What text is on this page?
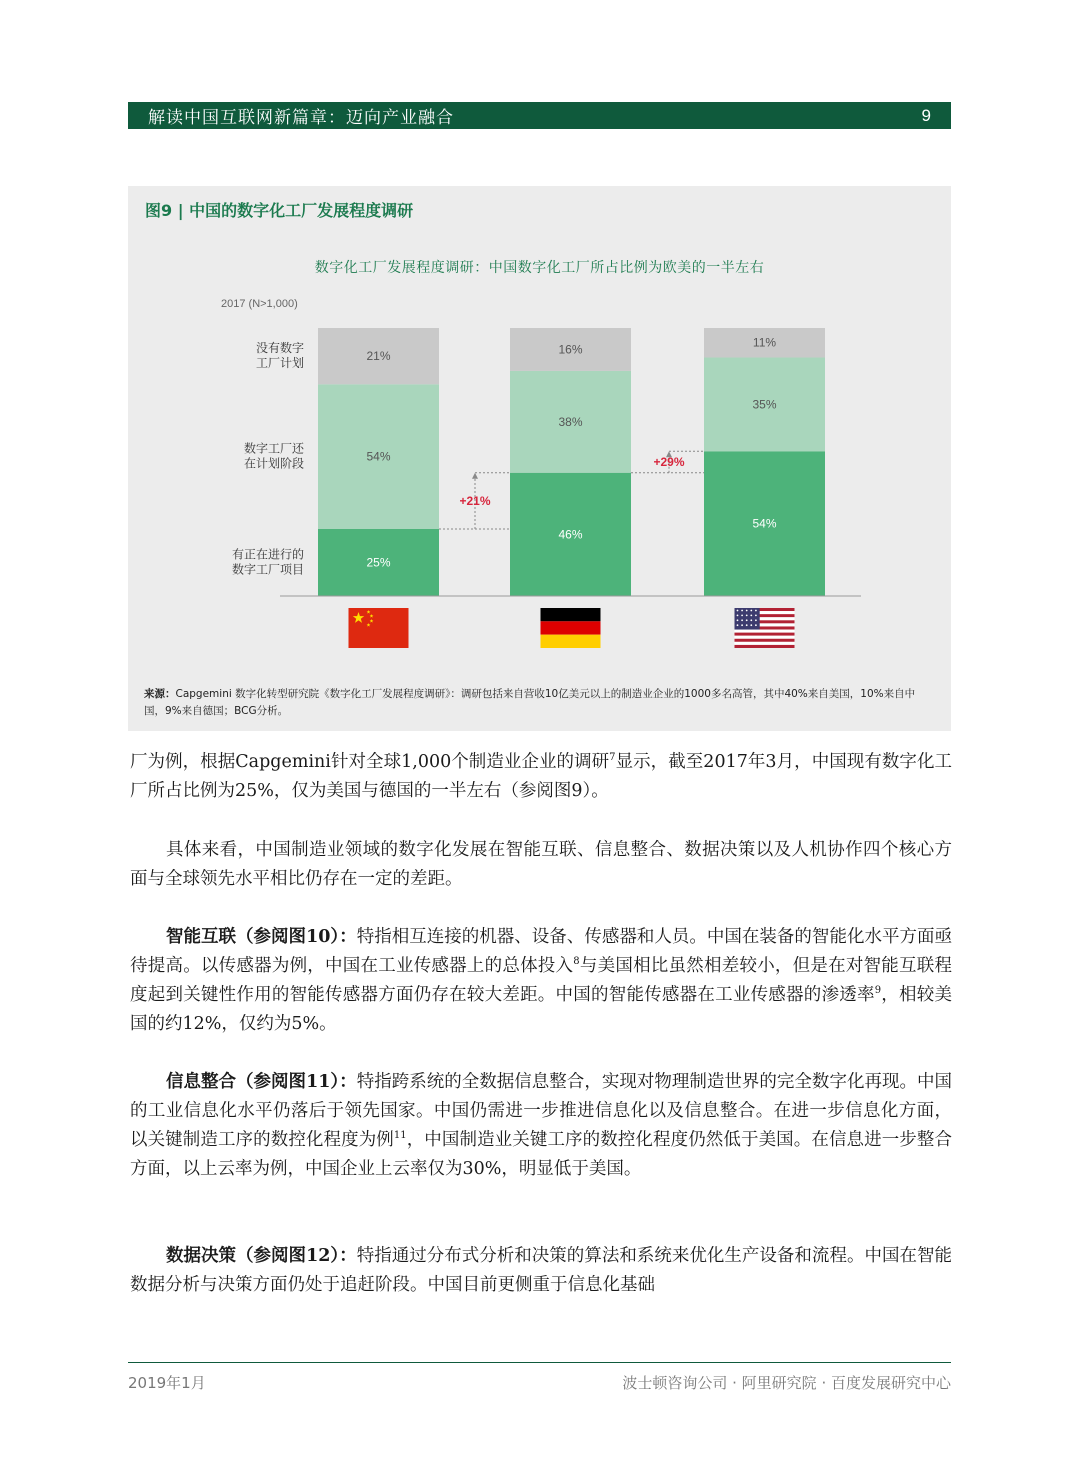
解读中国互联网新篇章：迈向产业融合	9
图9 | 中国的数字化工厂发展程度调研
数字化工厂发展程度调研：中国数字化工厂所占比例为欧美的一半左右
2017 (N>1,000)
25%
54%
21%
46%
38%
16%
54%
35%
11%
没有数字
工厂计划
数字工厂还
在计划阶段
有正在进行的
数字工厂项目
+21%
+29%
来源：Capgemini 数字化转型研究院《数字化工厂发展程度调研》：调研包括来自营收10亿美元以上的制造业企业的1000多名高管，其中40%来自美国，10%来自中国，9%来自德国；BCG分析。
厂为例，根据Capgemini针对全球1,000个制造业企业的调研$^7$显示，截至2017年3月，中国现有数字化工厂所占比例为25%，仅为美国与德国的一半左右（参阅图9）。
具体来看，中国制造业领域的数字化发展在智能互联、信息整合、数据决策以及人机协作四个核心方面与全球领先水平相比仍存在一定的差距。
智能互联（参阅图10）：特指相互连接的机器、设备、传感器和人员。中国在装备的智能化水平方面亟待提高。以传感器为例，中国在工业传感器上的总体投入$^8$与美国相比虽然相差较小，但是在对智能互联程度起到关键性作用的智能传感器方面仍存在较大差距。中国的智能传感器在工业传感器的渗透率$^9$，相较美国的约12%，仅约为5%。
信息整合（参阅图11）：特指跨系统的全数据信息整合，实现对物理制造世界的完全数字化再现。中国的工业信息化水平仍落后于领先国家。中国仍需进一步推进信息化以及信息整合。在进一步信息化方面，以关键制造工序的数控化程度为例$^{11}$，中国制造业关键工序的数控化程度仍然低于美国。在信息进一步整合方面，以上云率为例，中国企业上云率仅为30%，明显低于美国。
数据决策（参阅图12）：特指通过分布式分析和决策的算法和系统来优化生产设备和流程。中国在智能数据分析与决策方面仍处于追赶阶段。中国目前更侧重于信息化基础
2019年1月	波士顿咨询公司 · 阿里研究院 · 百度发展研究中心
